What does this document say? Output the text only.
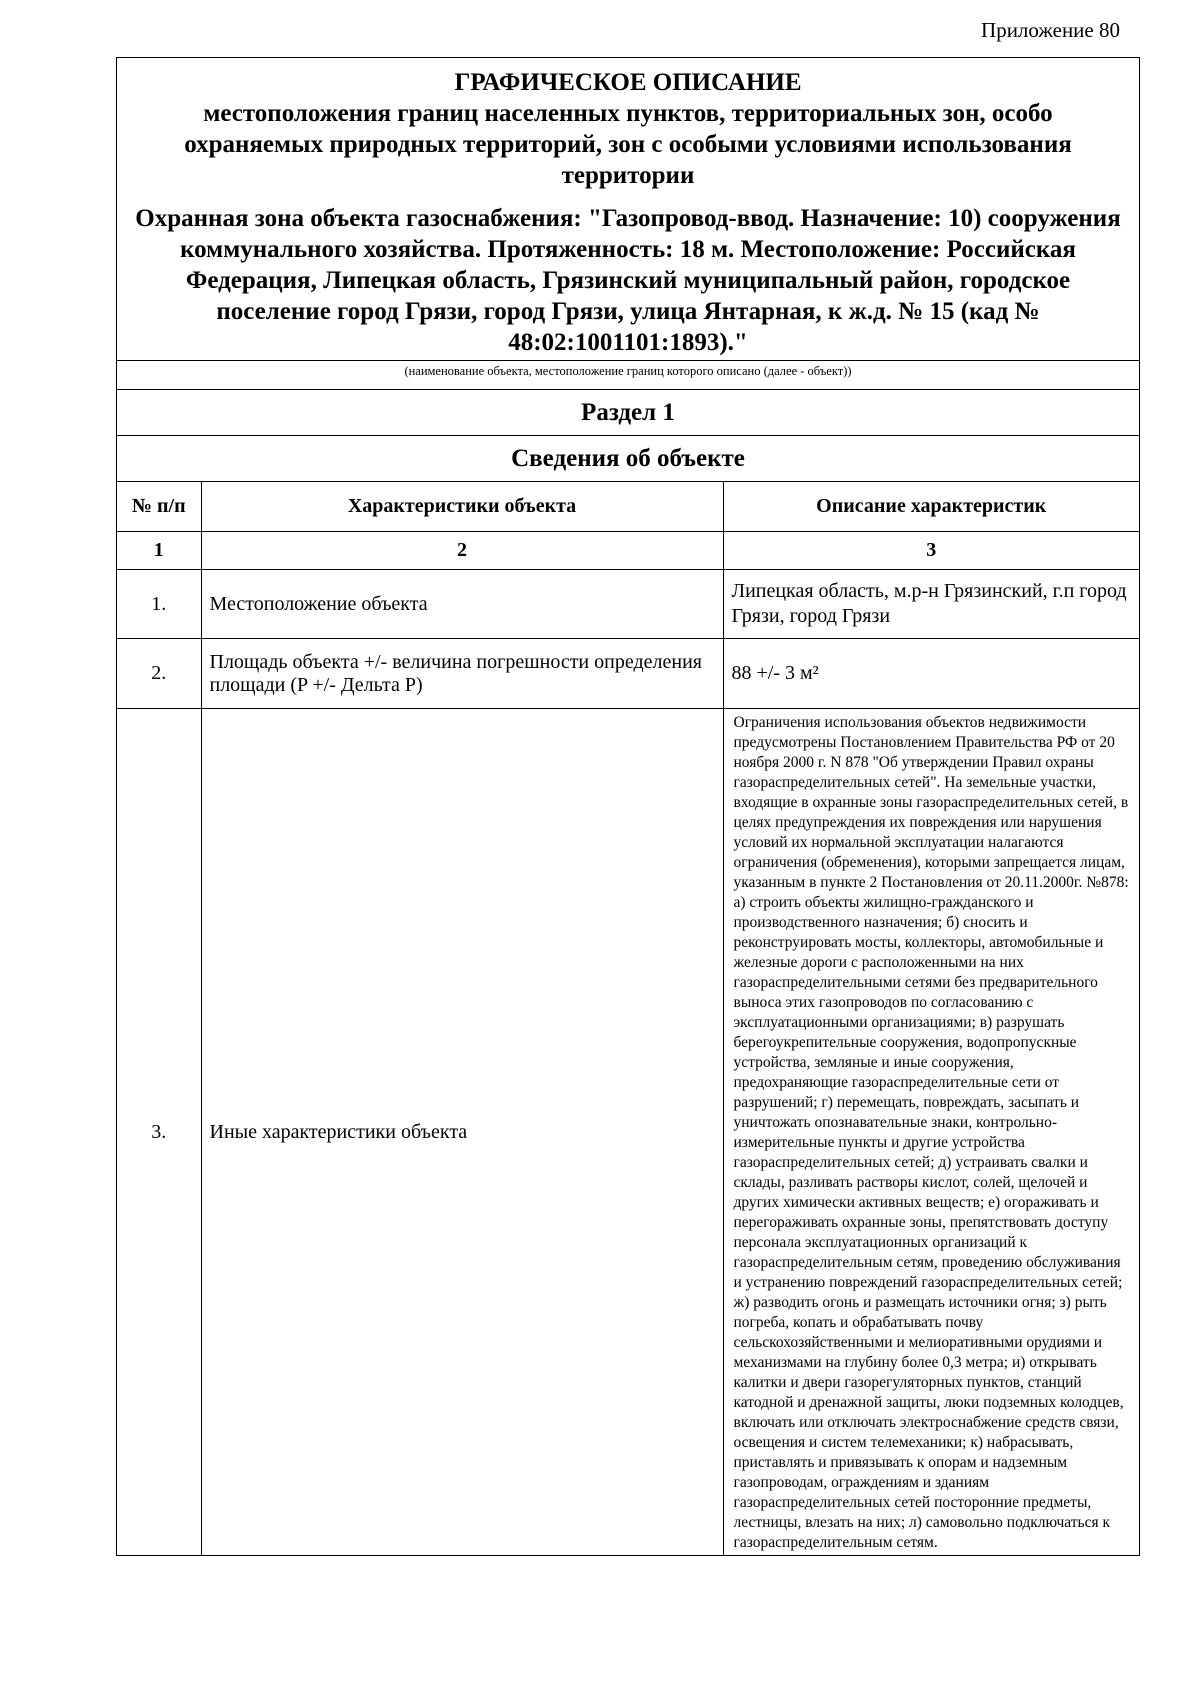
Приложение 80
ГРАФИЧЕСКОЕ ОПИСАНИЕ
местоположения границ населенных пунктов, территориальных зон, особо охраняемых природных территорий, зон с особыми условиями использования территории
Охранная зона объекта газоснабжения: "Газопровод-ввод. Назначение: 10) сооружения коммунального хозяйства. Протяженность: 18 м. Местоположение: Российская Федерация, Липецкая область, Грязинский муниципальный район, городское поселение город Грязи, город Грязи, улица Янтарная, к ж.д. № 15 (кад № 48:02:1001101:1893)."
(наименование объекта, местоположение границ которого описано (далее - объект))
Раздел 1
Сведения об объекте
№ п/п	Характеристики объекта	Описание характеристик
1	2	3
1.	Местоположение объекта	Липецкая область, м.р-н Грязинский, г.п город Грязи, город Грязи
2.	Площадь объекта +/- величина погрешности определения площади (P +/- Дельта P)	88 +/- 3 м²
3.	Иные характеристики объекта	Ограничения использования объектов недвижимости предусмотрены Постановлением Правительства РФ от 20 ноября 2000 г. N 878 "Об утверждении Правил охраны газораспределительных сетей". На земельные участки, входящие в охранные зоны газораспределительных сетей, в целях предупреждения их повреждения или нарушения условий их нормальной эксплуатации налагаются ограничения (обременения), которыми запрещается лицам, указанным в пункте 2 Постановления от 20.11.2000г. №878: а) строить объекты жилищно-гражданского и производственного назначения; б) сносить и реконструировать мосты, коллекторы, автомобильные и железные дороги с расположенными на них газораспределительными сетями без предварительного выноса этих газопроводов по согласованию с эксплуатационными организациями; в) разрушать берегоукрепительные сооружения, водопропускные устройства, земляные и иные сооружения, предохраняющие газораспределительные сети от разрушений; г) перемещать, повреждать, засыпать и уничтожать опознавательные знаки, контрольно-измерительные пункты и другие устройства газораспределительных сетей; д) устраивать свалки и склады, разливать растворы кислот, солей, щелочей и других химически активных веществ; е) огораживать и перегораживать охранные зоны, препятствовать доступу персонала эксплуатационных организаций к газораспределительным сетям, проведению обслуживания и устранению повреждений газораспределительных сетей; ж) разводить огонь и размещать источники огня; з) рыть погреба, копать и обрабатывать почву сельскохозяйственными и мелиоративными орудиями и механизмами на глубину более 0,3 метра; и) открывать калитки и двери газорегуляторных пунктов, станций катодной и дренажной защиты, люки подземных колодцев, включать или отключать электроснабжение средств связи, освещения и систем телемеханики; к) набрасывать, приставлять и привязывать к опорам и надземным газопроводам, ограждениям и зданиям газораспределительных сетей посторонние предметы, лестницы, влезать на них; л) самовольно подключаться к газораспределительным сетям.
